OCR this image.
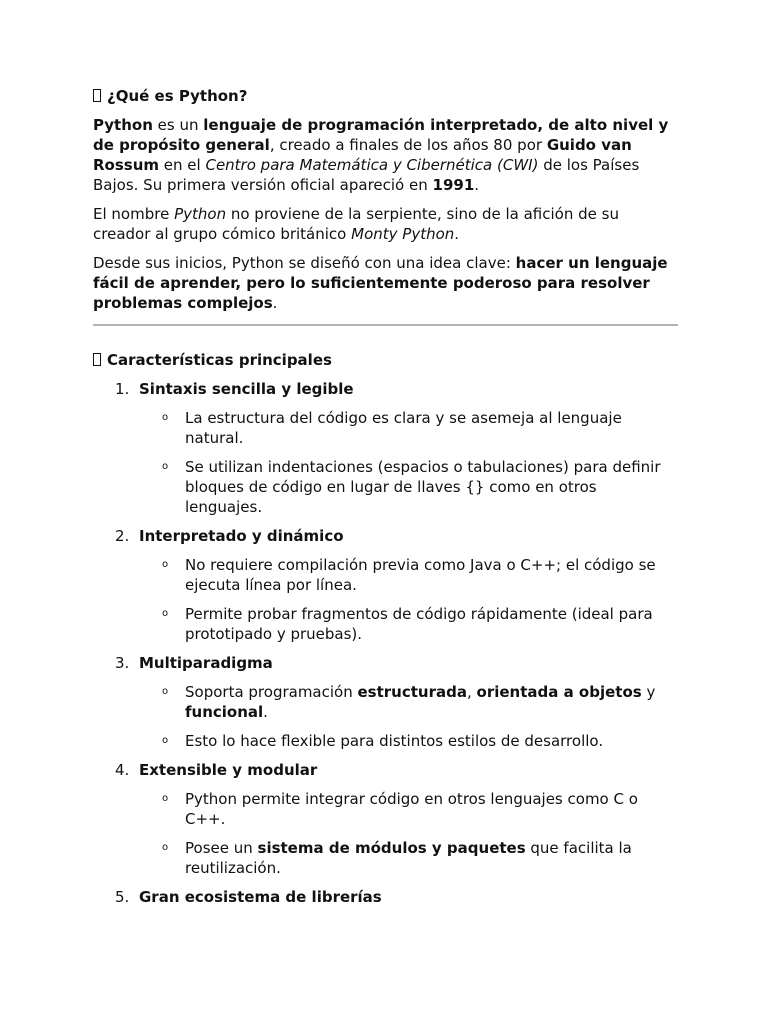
¿Qué es Python?

Python es un lenguaje de programación interpretado, de alto nivel y de propósito general, creado a finales de los años 80 por Guido van Rossum en el Centro para Matemática y Cibernética (CWI) de los Países Bajos. Su primera versión oficial apareció en 1991.

El nombre Python no proviene de la serpiente, sino de la afición de su creador al grupo cómico británico Monty Python.

Desde sus inicios, Python se diseñó con una idea clave: hacer un lenguaje fácil de aprender, pero lo suficientemente poderoso para resolver problemas complejos.

Características principales
1. Sintaxis sencilla y legible
o La estructura del código es clara y se asemeja al lenguaje natural.
o Se utilizan indentaciones (espacios o tabulaciones) para definir bloques de código en lugar de llaves {} como en otros lenguajes.
2. Interpretado y dinámico
o No requiere compilación previa como Java o C++; el código se ejecuta línea por línea.
o Permite probar fragmentos de código rápidamente (ideal para prototipado y pruebas).
3. Multiparadigma
o Soporta programación estructurada, orientada a objetos y funcional.
o Esto lo hace flexible para distintos estilos de desarrollo.
4. Extensible y modular
o Python permite integrar código en otros lenguajes como C o C++.
o Posee un sistema de módulos y paquetes que facilita la reutilización.
5. Gran ecosistema de librerías
